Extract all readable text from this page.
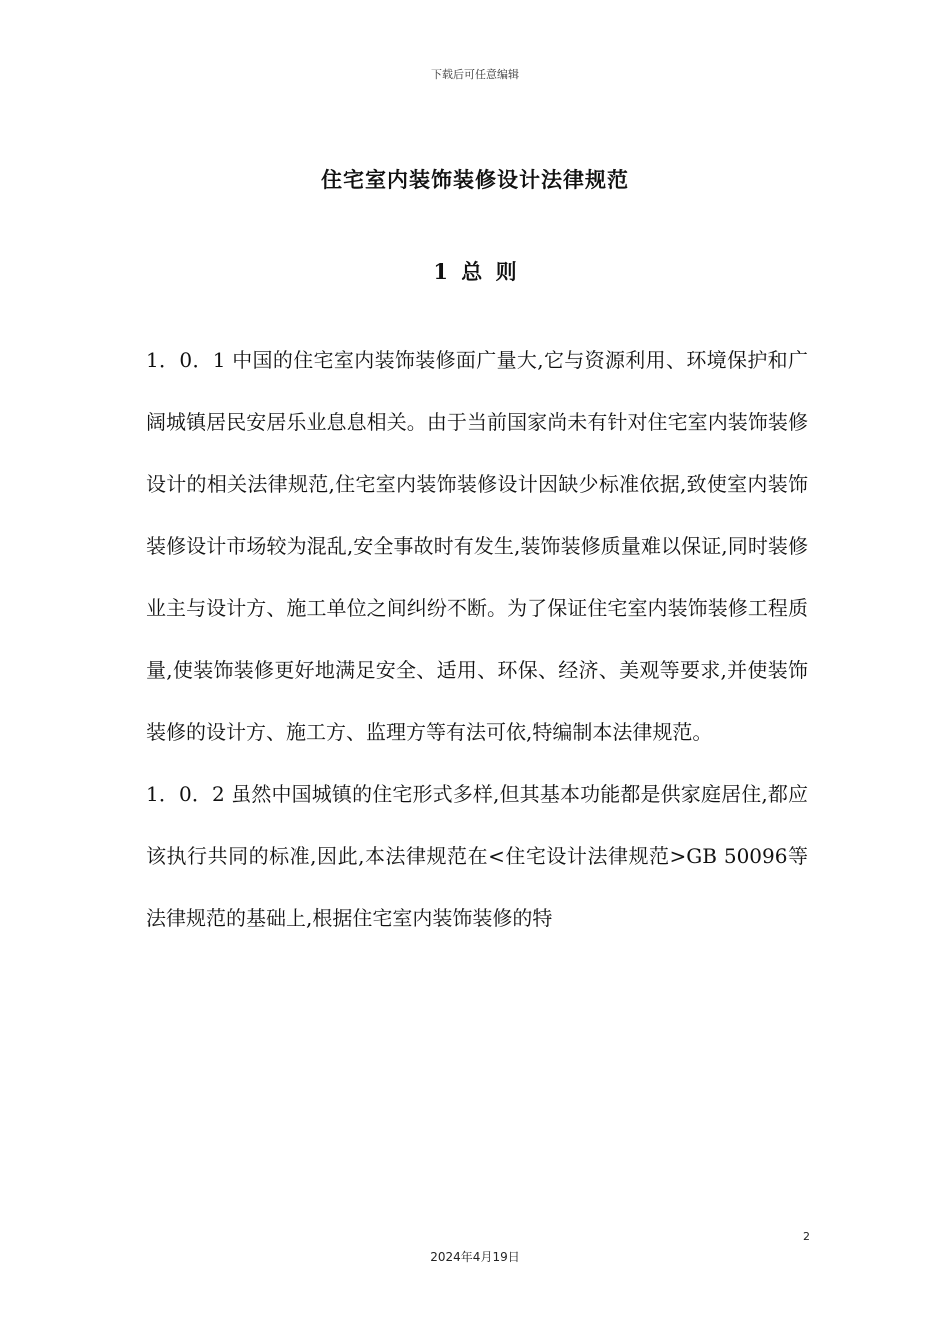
下载后可任意编辑
住宅室内装饰装修设计法律规范
1 总 则

1．0．1 中国的住宅室内装饰装修面广量大,它与资源利用、环境保护和广阔城镇居民安居乐业息息相关。由于当前国家尚未有针对住宅室内装饰装修设计的相关法律规范,住宅室内装饰装修设计因缺少标准依据,致使室内装饰装修设计市场较为混乱,安全事故时有发生,装饰装修质量难以保证,同时装修业主与设计方、施工单位之间纠纷不断。为了保证住宅室内装饰装修工程质量,使装饰装修更好地满足安全、适用、环保、经济、美观等要求,并使装饰装修的设计方、施工方、监理方等有法可依,特编制本法律规范。

1．0．2 虽然中国城镇的住宅形式多样,但其基本功能都是供家庭居住,都应该执行共同的标准,因此,本法律规范在<住宅设计法律规范>GB 50096等法律规范的基础上,根据住宅室内装饰装修的特

2
2024年4月19日
